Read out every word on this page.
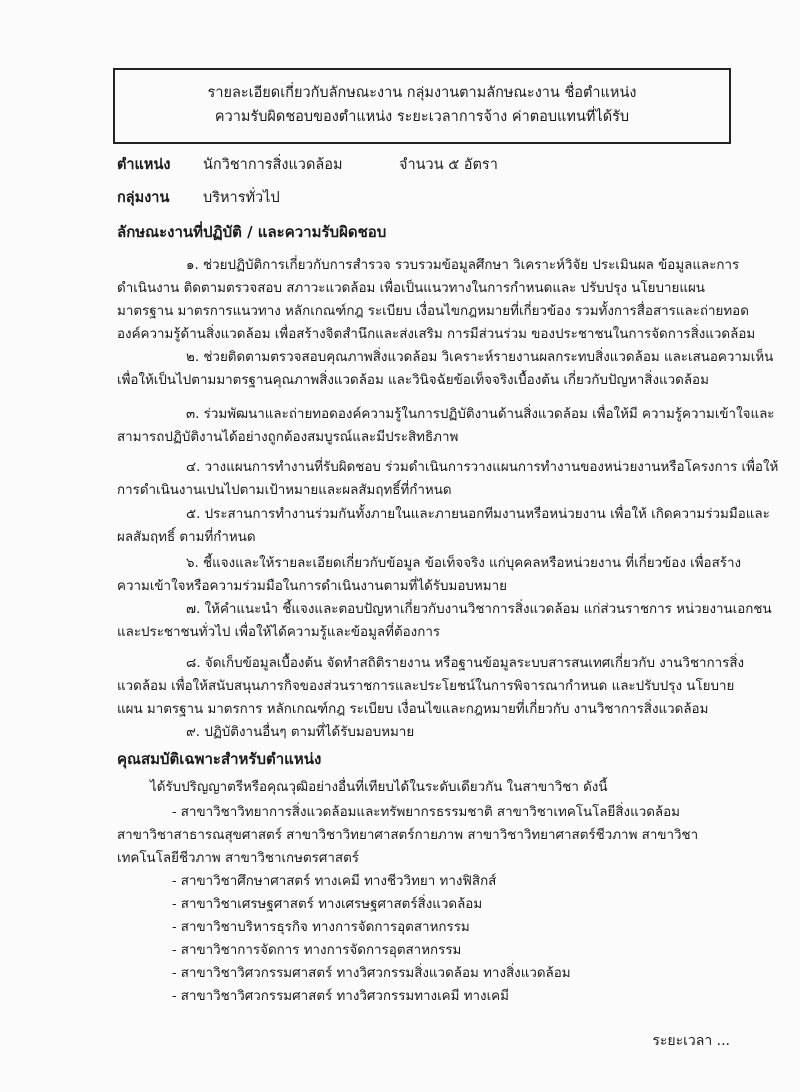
รายละเอียดเกี่ยวกับลักษณะงาน กลุ่มงานตามลักษณะงาน ชื่อตำแหน่ง
ความรับผิดชอบของตำแหน่ง ระยะเวลาการจ้าง ค่าตอบแทนที่ได้รับ
ตำแหน่ง นักวิชาการสิ่งแวดล้อม	จำนวน ๕ อัตรา
กลุ่มงาน บริหารทั่วไป
ลักษณะงานที่ปฏิบัติ / และความรับผิดชอบ
๑. ช่วยปฏิบัติการเกี่ยวกับการสำรวจ รวบรวมข้อมูลศึกษา วิเคราะห์วิจัย ประเมินผล ข้อมูลและการ
ดำเนินงาน ติดตามตรวจสอบ สภาวะแวดล้อม เพื่อเป็นแนวทางในการกำหนดและ ปรับปรุง นโยบายแผน
มาตรฐาน มาตรการแนวทาง หลักเกณฑ์กฎ ระเบียบ เงื่อนไขกฎหมายที่เกี่ยวข้อง รวมทั้งการสื่อสารและถ่ายทอด
องค์ความรู้ด้านสิ่งแวดล้อม เพื่อสร้างจิตสำนึกและส่งเสริม การมีส่วนร่วม ของประชาชนในการจัดการสิ่งแวดล้อม
๒. ช่วยติดตามตรวจสอบคุณภาพสิ่งแวดล้อม วิเคราะห์รายงานผลกระทบสิ่งแวดล้อม และเสนอความเห็น
เพื่อให้เป็นไปตามมาตรฐานคุณภาพสิ่งแวดล้อม และวินิจฉัยข้อเท็จจริงเบื้องต้น เกี่ยวกับปัญหาสิ่งแวดล้อม
๓. ร่วมพัฒนาและถ่ายทอดองค์ความรู้ในการปฏิบัติงานด้านสิ่งแวดล้อม เพื่อให้มี ความรู้ความเข้าใจและ
สามารถปฏิบัติงานได้อย่างถูกต้องสมบูรณ์และมีประสิทธิภาพ
๔. วางแผนการทำงานที่รับผิดชอบ ร่วมดำเนินการวางแผนการทำงานของหน่วยงานหรือโครงการ เพื่อให้
การดำเนินงานเปนไปตามเป้าหมายและผลสัมฤทธิ์ที่กำหนด
๕. ประสานการทำงานร่วมกันทั้งภายในและภายนอกทีมงานหรือหน่วยงาน เพื่อให้ เกิดความร่วมมือและ
ผลสัมฤทธิ์ ตามที่กำหนด
๖. ชี้แจงและให้รายละเอียดเกี่ยวกับข้อมูล ข้อเท็จจริง แก่บุคคลหรือหน่วยงาน ที่เกี่ยวข้อง เพื่อสร้าง
ความเข้าใจหรือความร่วมมือในการดำเนินงานตามที่ได้รับมอบหมาย
๗. ให้คำแนะนำ ชี้แจงและตอบปัญหาเกี่ยวกับงานวิชาการสิ่งแวดล้อม แก่ส่วนราชการ หน่วยงานเอกชน
และประชาชนทั่วไป เพื่อให้ได้ความรู้และข้อมูลที่ต้องการ
๘. จัดเก็บข้อมูลเบื้องต้น จัดทำสถิติรายงาน หรือฐานข้อมูลระบบสารสนเทศเกี่ยวกับ งานวิชาการสิ่ง
แวดล้อม เพื่อให้สนับสนุนภารกิจของส่วนราชการและประโยชน์ในการพิจารณากำหนด และปรับปรุง นโยบาย
แผน มาตรฐาน มาตรการ หลักเกณฑ์กฎ ระเบียบ เงื่อนไขและกฎหมายที่เกี่ยวกับ งานวิชาการสิ่งแวดล้อม
๙. ปฏิบัติงานอื่นๆ ตามที่ได้รับมอบหมาย
คุณสมบัติเฉพาะสำหรับตำแหน่ง
ได้รับปริญญาตรีหรือคุณวุฒิอย่างอื่นที่เทียบได้ในระดับเดียวกัน ในสาขาวิชา ดังนี้
- สาขาวิชาวิทยาการสิ่งแวดล้อมและทรัพยากรธรรมชาติ สาขาวิชาเทคโนโลยีสิ่งแวดล้อม
สาขาวิชาสาธารณสุขศาสตร์ สาขาวิชาวิทยาศาสตร์กายภาพ สาขาวิชาวิทยาศาสตร์ชีวภาพ สาขาวิชา
เทคโนโลยีชีวภาพ สาขาวิชาเกษตรศาสตร์
- สาขาวิชาศึกษาศาสตร์ ทางเคมี ทางชีววิทยา ทางฟิสิกส์
- สาขาวิชาเศรษฐศาสตร์ ทางเศรษฐศาสตร์สิ่งแวดล้อม
- สาขาวิชาบริหารธุรกิจ ทางการจัดการอุตสาหกรรม
- สาขาวิชาการจัดการ ทางการจัดการอุตสาหกรรม
- สาขาวิชาวิศวกรรมศาสตร์ ทางวิศวกรรมสิ่งแวดล้อม ทางสิ่งแวดล้อม
- สาขาวิชาวิศวกรรมศาสตร์ ทางวิศวกรรมทางเคมี ทางเคมี
ระยะเวลา ...
